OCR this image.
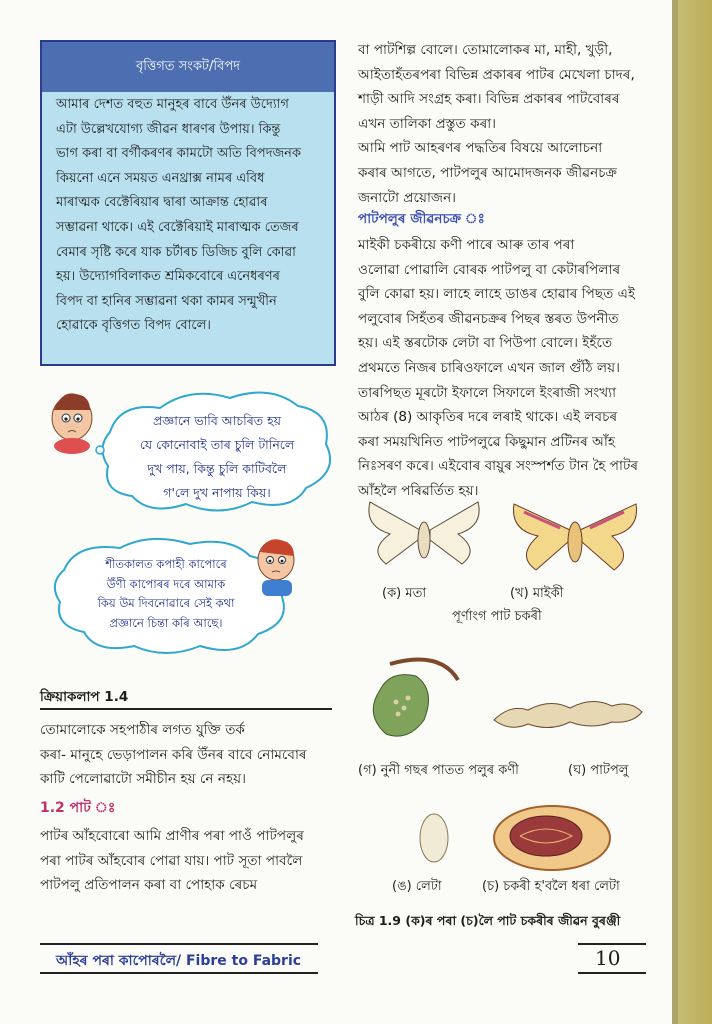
বৃত্তিগত সংকট/বিপদ
আমাৰ দেশত বহুত মানুহৰ বাবে উঁনৰ উদ্যোগ
এটা উল্লেখযোগ্য জীৱন ধাৰণৰ উপায়। কিন্তু
ভাগ কৰা বা বৰ্গীকৰণৰ কামটো অতি বিপদজনক
কিয়নো এনে সময়ত এনথ্ৰাক্স নামৰ এবিধ
মাৰাত্মক বেক্টেৰিয়াৰ দ্বাৰা আক্ৰান্ত হোৱাৰ
সম্ভাৱনা থাকে। এই বেক্টেৰিয়াই মাৰাত্মক তেজৰ
বেমাৰ সৃষ্টি কৰে যাক চৰ্টাৰচ ডিজিচ বুলি কোৱা
হয়। উদ্যোগবিলাকত শ্ৰমিকবোৰে এনেধৰণৰ
বিপদ বা হানিৰ সম্ভাৱনা থকা কামৰ সন্মুখীন
হোৱাকে বৃত্তিগত বিপদ বোলে।
প্ৰজ্ঞানে ভাবি আচৰিত হয়
যে কোনোবাই তাৰ চুলি টানিলে
দুখ পায়, কিন্তু চুলি কাটিবলৈ
গ'লে দুখ নাপায় কিয়।
শীতকালত কপাহী কাপোৰে
উঁণী কাপোৰৰ দৰে আমাক
কিয় উম দিবনোৱাৰে সেই কথা
প্ৰজ্ঞানে চিন্তা কৰি আছে।
ক্ৰিয়াকলাপ 1.4
তোমালোকে সহপাঠীৰ লগত যুক্তি তৰ্ক
কৰা- মানুহে ভেড়াপালন কৰি উঁনৰ বাবে নোমবোৰ
কাটি পেলোৱাটো সমীচীন হয় নে নহয়।
1.2 পাট ঃ
পাটৰ আঁহবোৰো আমি প্ৰাণীৰ পৰা পাওঁ পাটপলুৰ
পৰা পাটৰ আঁহবোৰ পোৱা যায়। পাট সূতা পাবলৈ
পাটপলু প্ৰতিপালন কৰা বা পোহাক ৰেচম
আঁহৰ পৰা কাপোৰলৈ/ Fibre to Fabric	10
বা পাটশিল্প বোলে। তোমালোকৰ মা, মাহী, খুড়ী,
আইতাহঁতৰপৰা বিভিন্ন প্ৰকাৰৰ পাটৰ মেখেলা চাদৰ,
শাড়ী আদি সংগ্ৰহ কৰা। বিভিন্ন প্ৰকাৰৰ পাটবোৰৰ
এখন তালিকা প্ৰস্তুত কৰা।
আমি পাট আহৰণৰ পদ্ধতিৰ বিষয়ে আলোচনা
কৰাৰ আগতে, পাটপলুৰ আমোদজনক জীৱনচক্ৰ
জনাটো প্ৰয়োজন।
পাটপলুৰ জীৱনচক্ৰ ঃ
মাইকী চকৰীয়ে কণী পাৰে আৰু তাৰ পৰা
ওলোৱা পোৱালি বোৰক পাটপলু বা কেটাৰপিলাৰ
বুলি কোৱা হয়। লাহে লাহে ডাঙৰ হোৱাৰ পিছত এই
পলুবোৰ সিহঁতৰ জীৱনচক্ৰৰ পিছৰ স্তৰত উপনীত
হয়। এই স্তৰটোক লেটা বা পিউপা বোলে। ইহঁতে
প্ৰথমতে নিজৰ চাৰিওফালে এখন জাল গুঁঠি লয়।
তাৰপিছত মূৰটো ইফালে সিফালে ইংৰাজী সংখ্যা
আঠৰ (8) আকৃতিৰ দৰে লৰাই থাকে। এই লবচৰ
কৰা সময়খিনিত পাটপলুৱে কিছুমান প্ৰটিনৰ আঁহ
নিঃসৰণ কৰে। এইবোৰ বায়ুৰ সংস্পৰ্শত টান হৈ পাটৰ
আঁহলৈ পৰিৱৰ্তিত হয়।
(ক) মতা	(খ) মাইকী
পূৰ্ণাংগ পাট চকৰী
(গ) নুনী গছৰ পাতত পলুৰ কণী	(ঘ) পাটপলু
(ঙ) লেটা	(চ) চকৰী হ'বলৈ ধৰা লেটা
চিত্ৰ 1.9 (ক)ৰ পৰা (চ)লৈ পাট চকৰীৰ জীৱন বুৰঞ্জী
